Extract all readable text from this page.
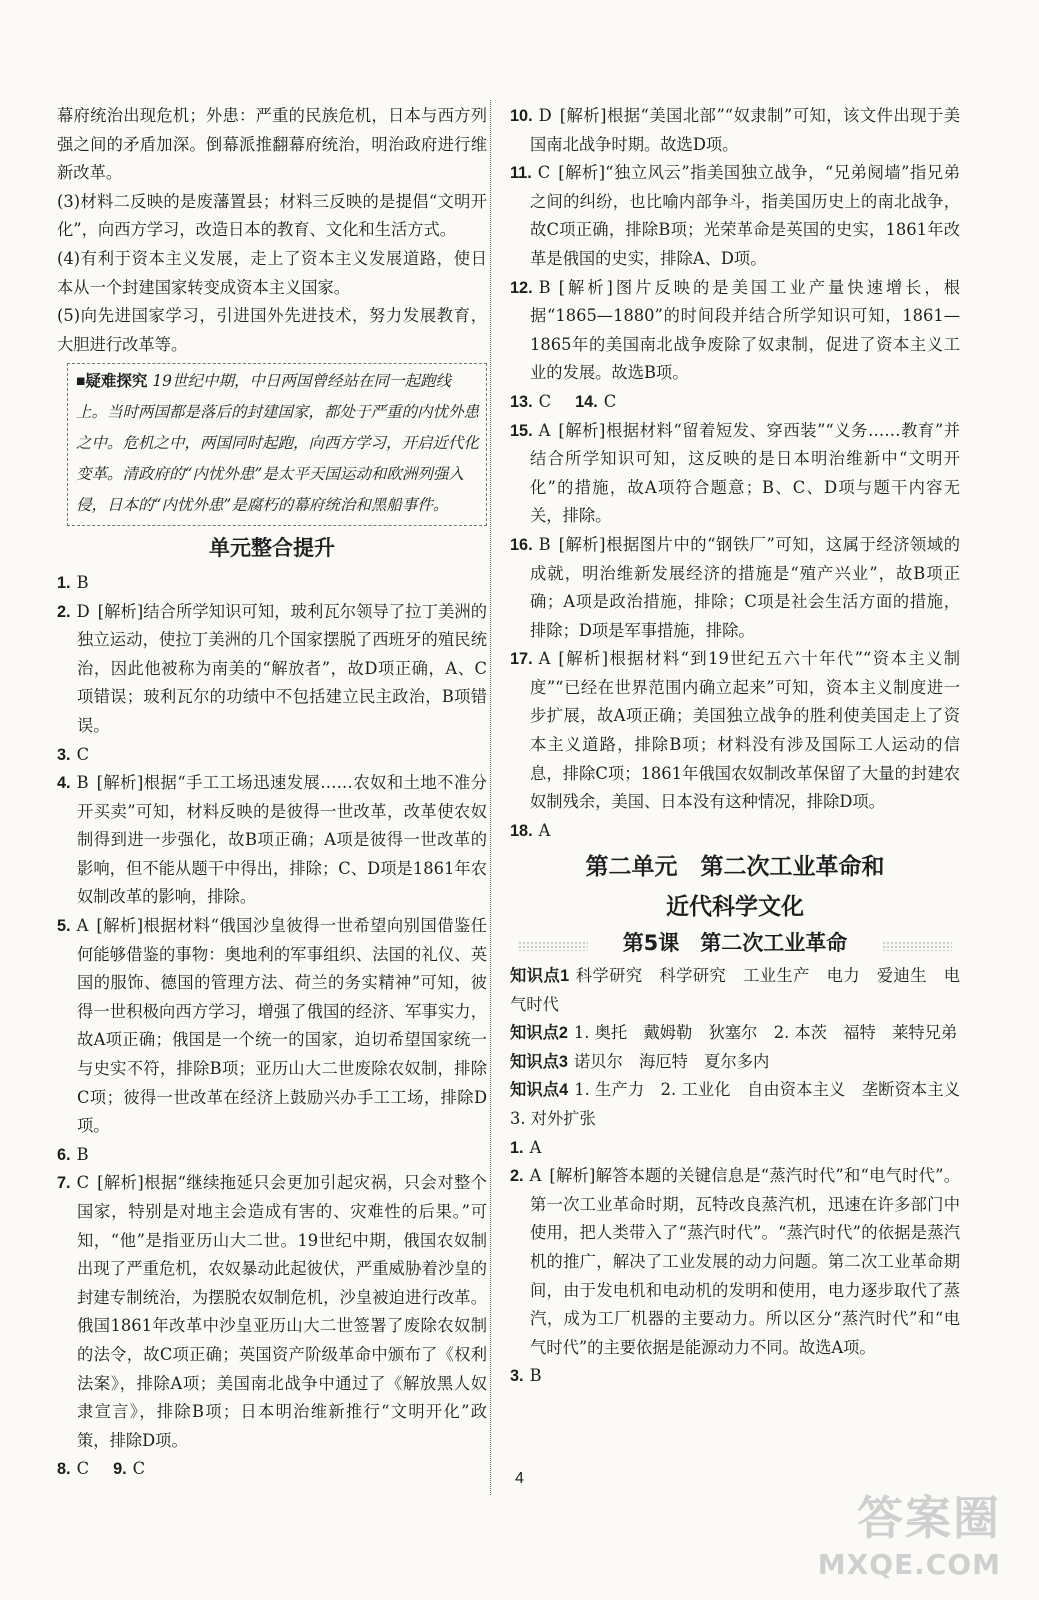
幕府统治出现危机；外患：严重的民族危机，日本与西方列强之间的矛盾加深。倒幕派推翻幕府统治，明治政府进行维新改革。

(3)材料二反映的是废藩置县；材料三反映的是提倡“文明开化”，向西方学习，改造日本的教育、文化和生活方式。

(4)有利于资本主义发展，走上了资本主义发展道路，使日本从一个封建国家转变成资本主义国家。

(5)向先进国家学习，引进国外先进技术，努力发展教育，大胆进行改革等。

■疑难探究 19世纪中期，中日两国曾经站在同一起跑线上。当时两国都是落后的封建国家，都处于严重的内忧外患之中。危机之中，两国同时起跑，向西方学习，开启近代化变革。清政府的“内忧外患”是太平天国运动和欧洲列强入侵，日本的“内忧外患”是腐朽的幕府统治和黑船事件。
单元整合提升

1. B

2. D [解析]结合所学知识可知，玻利瓦尔领导了拉丁美洲的独立运动，使拉丁美洲的几个国家摆脱了西班牙的殖民统治，因此他被称为南美的“解放者”，故D项正确，A、C项错误；玻利瓦尔的功绩中不包括建立民主政治，B项错误。

3. C

4. B [解析]根据“手工工场迅速发展……农奴和土地不准分开买卖”可知，材料反映的是彼得一世改革，改革使农奴制得到进一步强化，故B项正确；A项是彼得一世改革的影响，但不能从题干中得出，排除；C、D项是1861年农奴制改革的影响，排除。

5. A [解析]根据材料“俄国沙皇彼得一世希望向别国借鉴任何能够借鉴的事物：奥地利的军事组织、法国的礼仪、英国的服饰、德国的管理方法、荷兰的务实精神”可知，彼得一世积极向西方学习，增强了俄国的经济、军事实力，故A项正确；俄国是一个统一的国家，迫切希望国家统一与史实不符，排除B项；亚历山大二世废除农奴制，排除C项；彼得一世改革在经济上鼓励兴办手工工场，排除D项。

6. B

7. C [解析]根据“继续拖延只会更加引起灾祸，只会对整个国家，特别是对地主会造成有害的、灾难性的后果。”可知，“他”是指亚历山大二世。19世纪中期，俄国农奴制出现了严重危机，农奴暴动此起彼伏，严重威胁着沙皇的封建专制统治，为摆脱农奴制危机，沙皇被迫进行改革。俄国1861年改革中沙皇亚历山大二世签署了废除农奴制的法令，故C项正确；英国资产阶级革命中颁布了《权利法案》，排除A项；美国南北战争中通过了《解放黑人奴隶宣言》，排除B项；日本明治维新推行“文明开化”政策，排除D项。

8. C 9. C

10. D [解析]根据“美国北部”“奴隶制”可知，该文件出现于美国南北战争时期。故选D项。

11. C [解析]“独立风云”指美国独立战争，“兄弟阋墙”指兄弟之间的纠纷，也比喻内部争斗，指美国历史上的南北战争，故C项正确，排除B项；光荣革命是英国的史实，1861年改革是俄国的史实，排除A、D项。

12. B [解析]图片反映的是美国工业产量快速增长，根据“1865—1880”的时间段并结合所学知识可知，1861—1865年的美国南北战争废除了奴隶制，促进了资本主义工业的发展。故选B项。

13. C 14. C

15. A [解析]根据材料“留着短发、穿西装”“义务……教育”并结合所学知识可知，这反映的是日本明治维新中“文明开化”的措施，故A项符合题意；B、C、D项与题干内容无关，排除。

16. B [解析]根据图片中的“钢铁厂”可知，这属于经济领域的成就，明治维新发展经济的措施是“殖产兴业”，故B项正确；A项是政治措施，排除；C项是社会生活方面的措施，排除；D项是军事措施，排除。

17. A [解析]根据材料“到19世纪五六十年代”“资本主义制度”“已经在世界范围内确立起来”可知，资本主义制度进一步扩展，故A项正确；美国独立战争的胜利使美国走上了资本主义道路，排除B项；材料没有涉及国际工人运动的信息，排除C项；1861年俄国农奴制改革保留了大量的封建农奴制残余，美国、日本没有这种情况，排除D项。

18. A

第二单元　第二次工业革命和
近代科学文化
第5课　第二次工业革命

知识点1 科学研究　科学研究　工业生产　电力　爱迪生　电气时代

知识点2 1. 奥托　戴姆勒　狄塞尔　2. 本茨　福特　莱特兄弟

知识点3 诺贝尔　海厄特　夏尔多内

知识点4 1. 生产力　2. 工业化　自由资本主义　垄断资本主义　3. 对外扩张

1. A

2. A [解析]解答本题的关键信息是“蒸汽时代”和“电气时代”。第一次工业革命时期，瓦特改良蒸汽机，迅速在许多部门中使用，把人类带入了“蒸汽时代”。“蒸汽时代”的依据是蒸汽机的推广，解决了工业发展的动力问题。第二次工业革命期间，由于发电机和电动机的发明和使用，电力逐步取代了蒸汽，成为工厂机器的主要动力。所以区分“蒸汽时代”和“电气时代”的主要依据是能源动力不同。故选A项。

3. B

4
答案圈
MXQE.COM
